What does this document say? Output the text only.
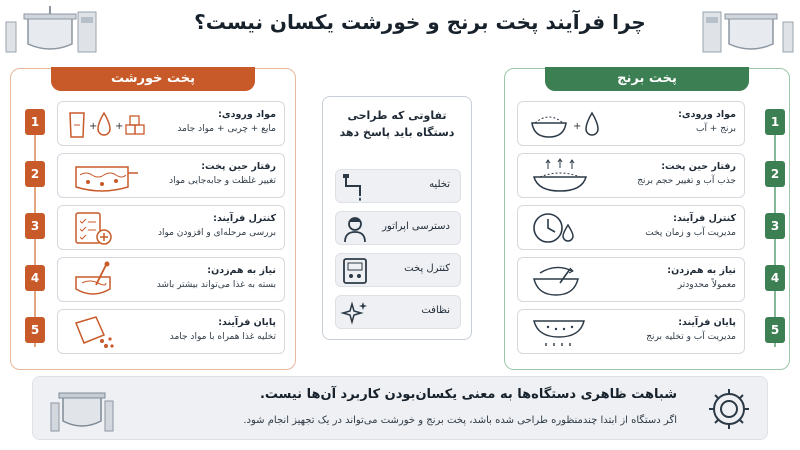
چرا فرآیند پخت برنج و خورشت یکسان نیست؟
پخت خورشت
1	+ +
مواد ورودی:
مایع + چربی + مواد جامد
2
رفتار حین پخت:
تغییر غلظت و جابه‌جایی مواد
3
کنترل فرآیند:
بررسی مرحله‌ای و افزودن مواد
4
نیاز به هم‌زدن:
بسته به غذا می‌تواند بیشتر باشد
5
پایان فرآیند:
تخلیه غذا همراه با مواد جامد
تفاوتی که طراحی دستگاه باید پاسخ دهد
تخلیه
دسترسی اپراتور
کنترل پخت
نظافت
پخت برنج
1
+
مواد ورودی:
برنج + آب
2
رفتار حین پخت:
جذب آب و تغییر حجم برنج
3
کنترل فرآیند:
مدیریت آب و زمان پخت
4
نیاز به هم‌زدن:
معمولاً محدودتر
5
پایان فرآیند:
مدیریت آب و تخلیه برنج
شباهت ظاهری دستگاه‌ها به معنی یکسان‌بودن کاربرد آن‌ها نیست.
اگر دستگاه از ابتدا چندمنظوره طراحی شده باشد، پخت برنج و خورشت می‌تواند در یک تجهیز انجام شود.
